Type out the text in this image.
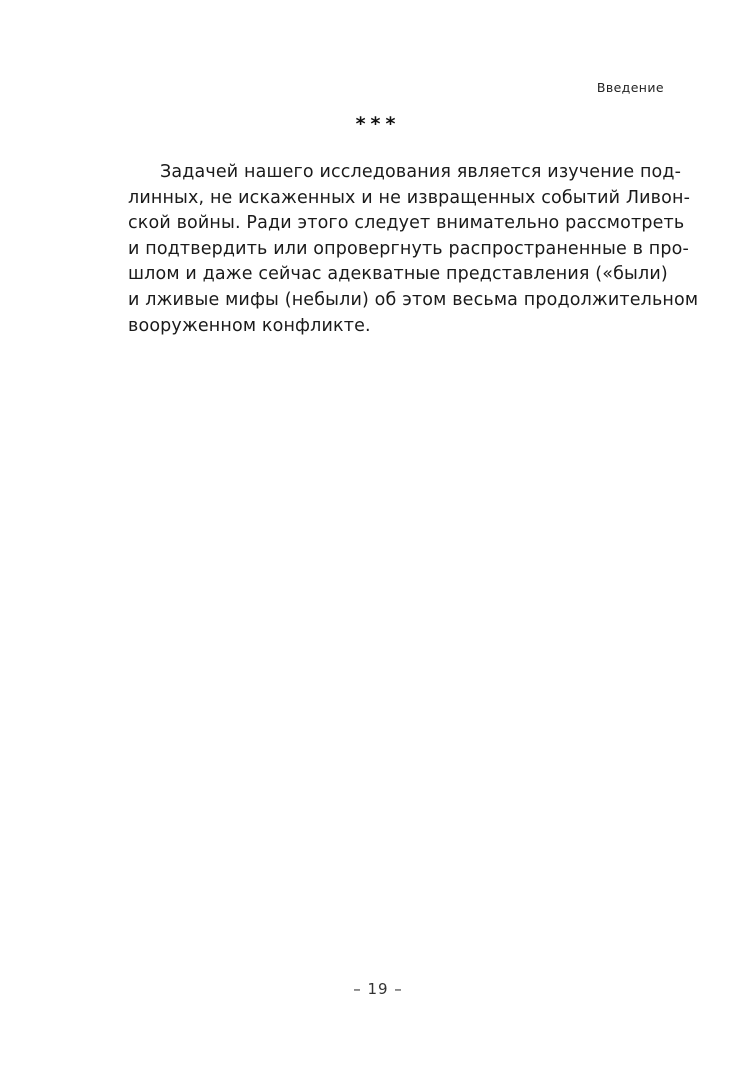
Введение
***

Задачей нашего исследования является изучение под-
линных, не искаженных и не извращенных событий Ливон-
ской войны. Ради этого следует внимательно рассмотреть
и подтвердить или опровергнуть распространенные в про-
шлом и даже сейчас адекватные представления («были)
и лживые мифы (небыли) об этом весьма продолжительном
вооруженном конфликте.

– 19 –
